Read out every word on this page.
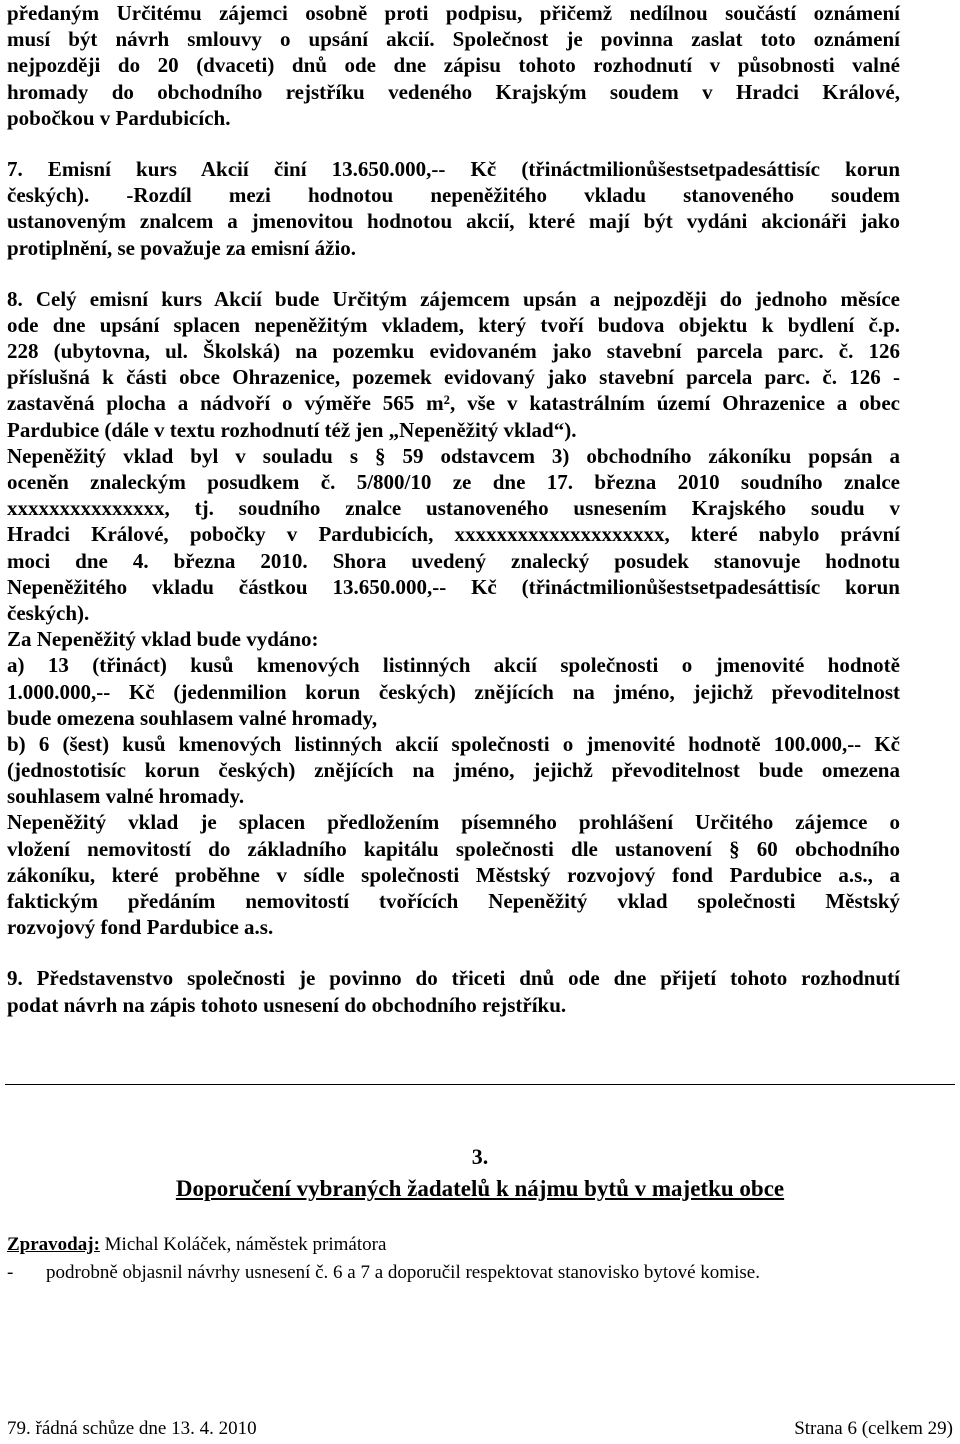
předaným Určitému zájemci osobně proti podpisu, přičemž nedílnou součástí oznámení
musí být návrh smlouvy o upsání akcií. Společnost je povinna zaslat toto oznámení
nejpozději do 20 (dvaceti) dnů ode dne zápisu tohoto rozhodnutí v působnosti valné
hromady do obchodního rejstříku vedeného Krajským soudem v Hradci Králové,
pobočkou v Pardubicích.
7. Emisní kurs Akcií činí 13.650.000,-- Kč (třináctmilionůšestsetpadesáttisíc korun
českých). -Rozdíl mezi hodnotou nepeněžitého vkladu stanoveného soudem
ustanoveným znalcem a jmenovitou hodnotou akcií, které mají být vydáni akcionáři jako
protiplnění, se považuje za emisní ážio.
8. Celý emisní kurs Akcií bude Určitým zájemcem upsán a nejpozději do jednoho měsíce
ode dne upsání splacen nepeněžitým vkladem, který tvoří budova objektu k bydlení č.p.
228 (ubytovna, ul. Školská) na pozemku evidovaném jako stavební parcela parc. č. 126
příslušná k části obce Ohrazenice, pozemek evidovaný jako stavební parcela parc. č. 126 -
zastavěná plocha a nádvoří o výměře 565 m², vše v katastrálním území Ohrazenice a obec
Pardubice (dále v textu rozhodnutí též jen „Nepeněžitý vklad“).
Nepeněžitý vklad byl v souladu s § 59 odstavcem 3) obchodního zákoníku popsán a
oceněn znaleckým posudkem č. 5/800/10 ze dne 17. března 2010 soudního znalce
xxxxxxxxxxxxxxx, tj. soudního znalce ustanoveného usnesením Krajského soudu v
Hradci Králové, pobočky v Pardubicích, xxxxxxxxxxxxxxxxxxxx, které nabylo právní
moci dne 4. března 2010. Shora uvedený znalecký posudek stanovuje hodnotu
Nepeněžitého vkladu částkou 13.650.000,-- Kč (třináctmilionůšestsetpadesáttisíc korun
českých).
Za Nepeněžitý vklad bude vydáno:
a) 13 (třináct) kusů kmenových listinných akcií společnosti o jmenovité hodnotě
1.000.000,-- Kč (jedenmilion korun českých) znějících na jméno, jejichž převoditelnost
bude omezena souhlasem valné hromady,
b) 6 (šest) kusů kmenových listinných akcií společnosti o jmenovité hodnotě 100.000,-- Kč
(jednostotisíc korun českých) znějících na jméno, jejichž převoditelnost bude omezena
souhlasem valné hromady.
Nepeněžitý vklad je splacen předložením písemného prohlášení Určitého zájemce o
vložení nemovitostí do základního kapitálu společnosti dle ustanovení § 60 obchodního
zákoníku, které proběhne v sídle společnosti Městský rozvojový fond Pardubice a.s., a
faktickým předáním nemovitostí tvořících Nepeněžitý vklad společnosti Městský
rozvojový fond Pardubice a.s.
9. Představenstvo společnosti je povinno do třiceti dnů ode dne přijetí tohoto rozhodnutí
podat návrh na zápis tohoto usnesení do obchodního rejstříku.
3.
Doporučení vybraných žadatelů k nájmu bytů v majetku obce
Zpravodaj: Michal Koláček, náměstek primátora
- podrobně objasnil návrhy usnesení č. 6 a 7 a doporučil respektovat stanovisko bytové komise.
79. řádná schůze dne 13. 4. 2010	Strana 6 (celkem 29)
